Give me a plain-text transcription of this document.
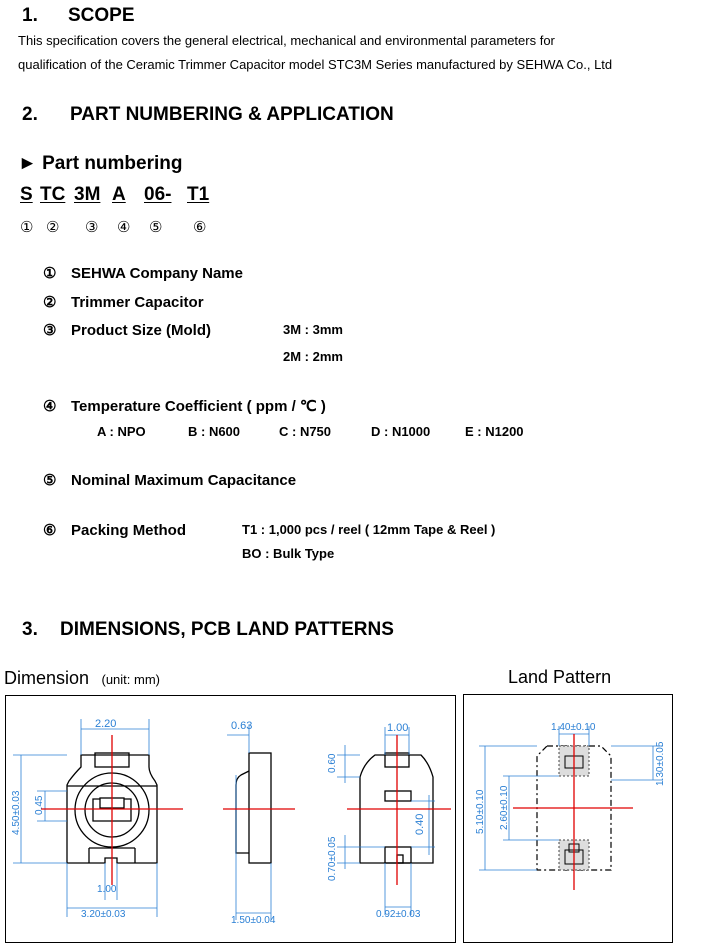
1. SCOPE
This specification covers the general electrical, mechanical and environmental parameters for
qualification of the Ceramic Trimmer Capacitor model STC3M Series manufactured by SEHWA Co., Ltd
2. PART NUMBERING & APPLICATION
► Part numbering
S TC 3M A 06- T1
① ② ③ ④ ⑤ ⑥
① SEHWA Company Name
② Trimmer Capacitor
③ Product Size (Mold)	3M : 3mm
2M : 2mm
④ Temperature Coefficient ( ppm / ℃ )
A : NPO	B : N600	C : N750	D : N1000	E : N1200
⑤ Nominal Maximum Capacitance
⑥ Packing Method	T1 : 1,000 pcs / reel ( 12mm Tape & Reel )
BO : Bulk Type
3. DIMENSIONS, PCB LAND PATTERNS
Dimension (unit: mm)	Land Pattern
2.20
4.50±0.03 0.45
1.00
3.20±0.03
0.63
1.50±0.04
1.00
0.60
0.40
0.70±0.05
0.92±0.03
1.40±0.10
1.30±0.05
5.10±0.10 2.60±0.10
